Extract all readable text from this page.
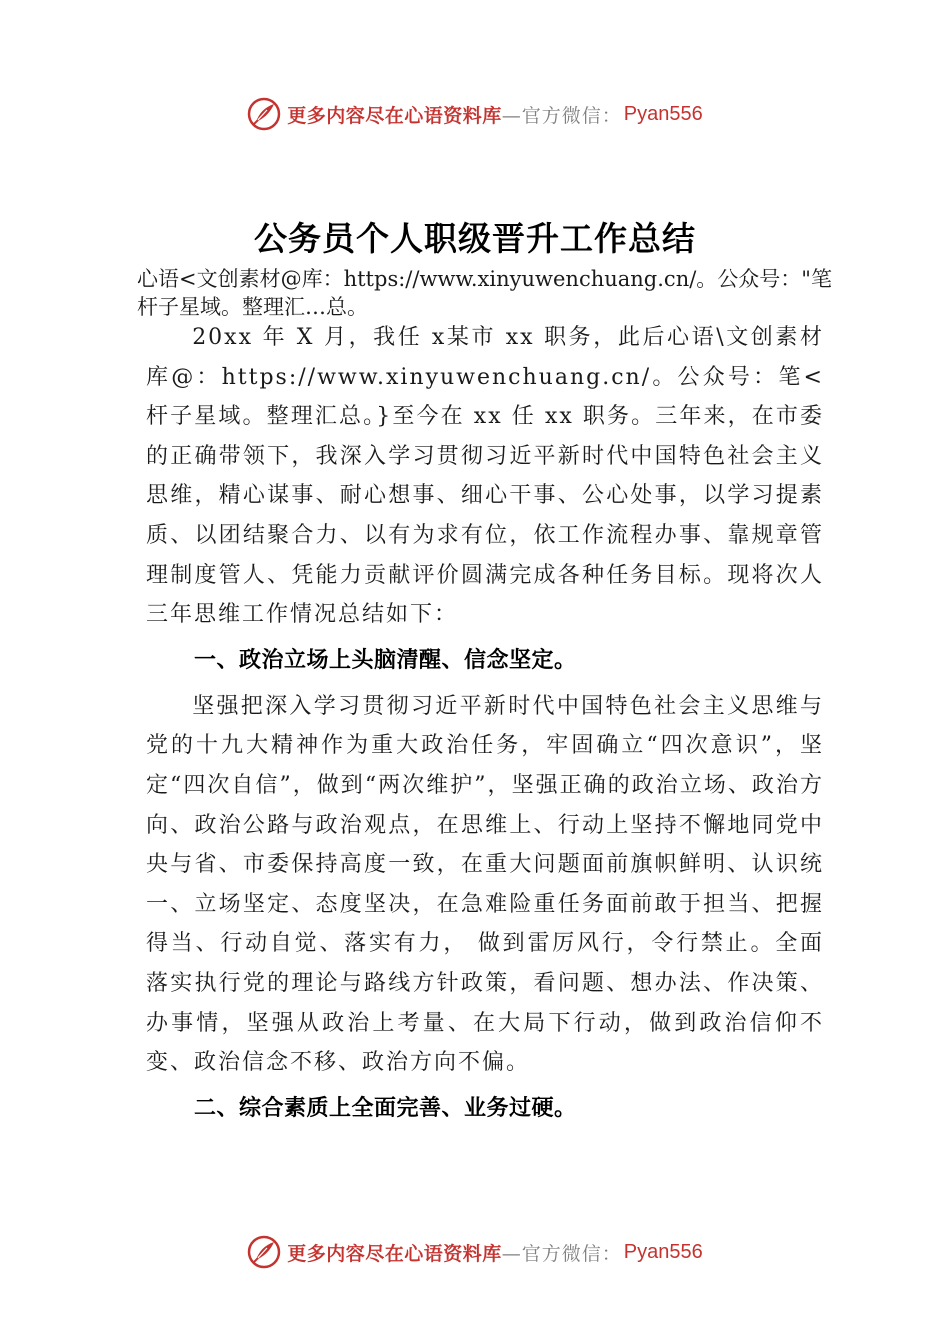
更多内容尽在心语资料库 —官方微信： Pyan556
公务员个人职级晋升工作总结

心语<文创素材@库：https://www.xinyuwenchuang.cn/。公众号："笔杆子星域。整理汇…总。

20xx 年 X 月，我任 x某市 xx 职务，此后心语\文创素材库@：https://www.xinyuwenchuang.cn/。公众号：笔<杆子星域。整理汇总。}至今在 xx 任 xx 职务。三年来，在市委的正确带领下，我深入学习贯彻习近平新时代中国特色社会主义思维，精心谋事、耐心想事、细心干事、公心处事，以学习提素质、以团结聚合力、以有为求有位，依工作流程办事、靠规章管理制度管人、凭能力贡献评价圆满完成各种任务目标。现将次人三年思维工作情况总结如下：

一、政治立场上头脑清醒、信念坚定。

坚强把深入学习贯彻习近平新时代中国特色社会主义思维与党的十九大精神作为重大政治任务，牢固确立“四次意识”，坚定“四次自信”，做到“两次维护”，坚强正确的政治立场、政治方向、政治公路与政治观点，在思维上、行动上坚持不懈地同党中央与省、市委保持高度一致，在重大问题面前旗帜鲜明、认识统一、立场坚定、态度坚决，在急难险重任务面前敢于担当、把握得当、行动自觉、落实有力， 做到雷厉风行，令行禁止。全面落实执行党的理论与路线方针政策，看问题、想办法、作决策、办事情，坚强从政治上考量、在大局下行动，做到政治信仰不变、政治信念不移、政治方向不偏。

二、综合素质上全面完善、业务过硬。
更多内容尽在心语资料库 —官方微信： Pyan556
